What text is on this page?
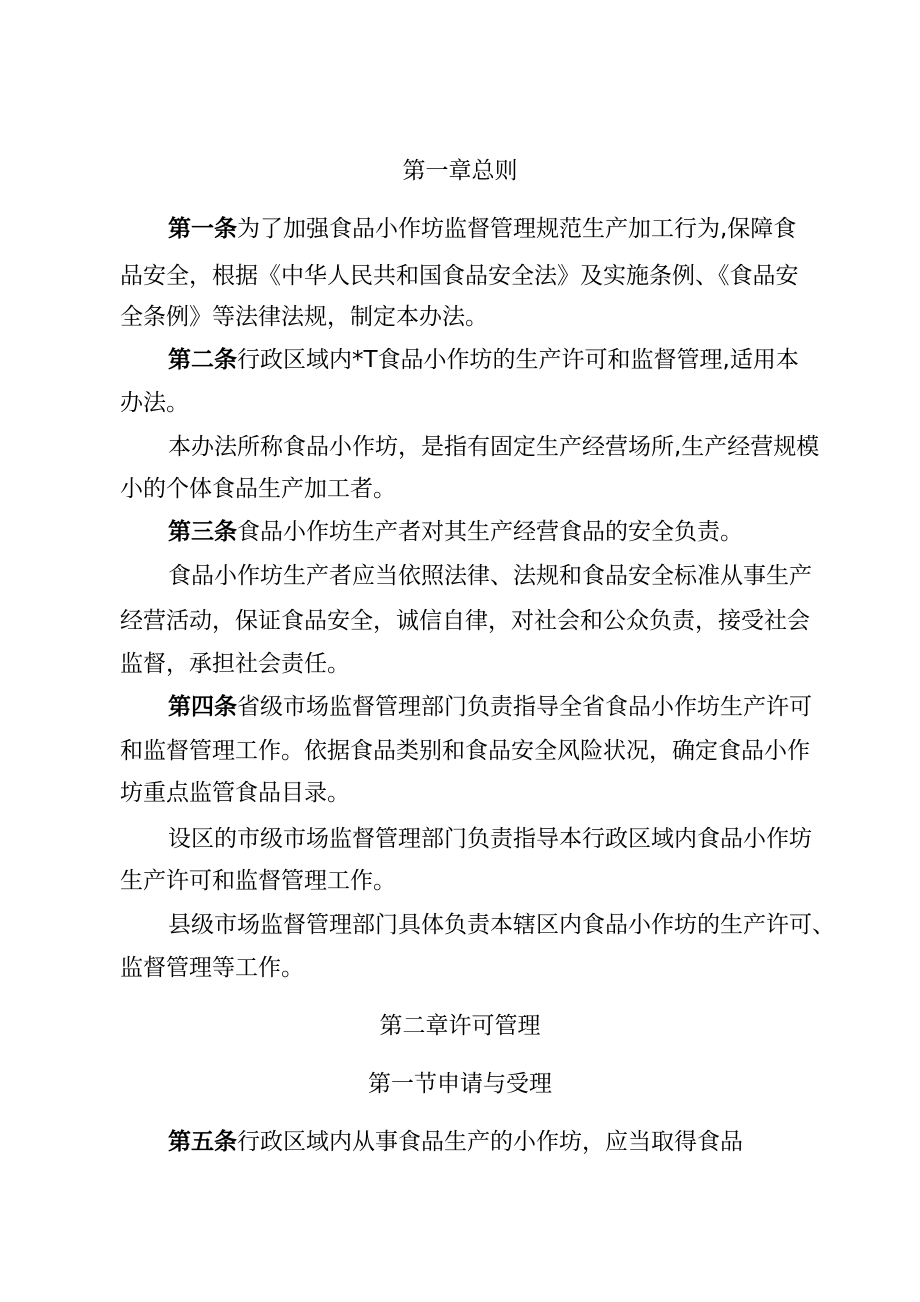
第一章总则
第一条为了加强食品小作坊监督管理规范生产加工行为,保障食
品安全，根据《中华人民共和国食品安全法》及实施条例、《食品安
全条例》等法律法规，制定本办法。
第二条行政区域内*T食品小作坊的生产许可和监督管理,适用本
办法。
本办法所称食品小作坊，是指有固定生产经营场所,生产经营规模
小的个体食品生产加工者。
第三条食品小作坊生产者对其生产经营食品的安全负责。
食品小作坊生产者应当依照法律、法规和食品安全标准从事生产
经营活动，保证食品安全，诚信自律，对社会和公众负责，接受社会
监督，承担社会责任。
第四条省级市场监督管理部门负责指导全省食品小作坊生产许可
和监督管理工作。依据食品类别和食品安全风险状况，确定食品小作
坊重点监管食品目录。
设区的市级市场监督管理部门负责指导本行政区域内食品小作坊
生产许可和监督管理工作。
县级市场监督管理部门具体负责本辖区内食品小作坊的生产许可、
监督管理等工作。
第二章许可管理
第一节申请与受理
第五条行政区域内从事食品生产的小作坊，应当取得食品
